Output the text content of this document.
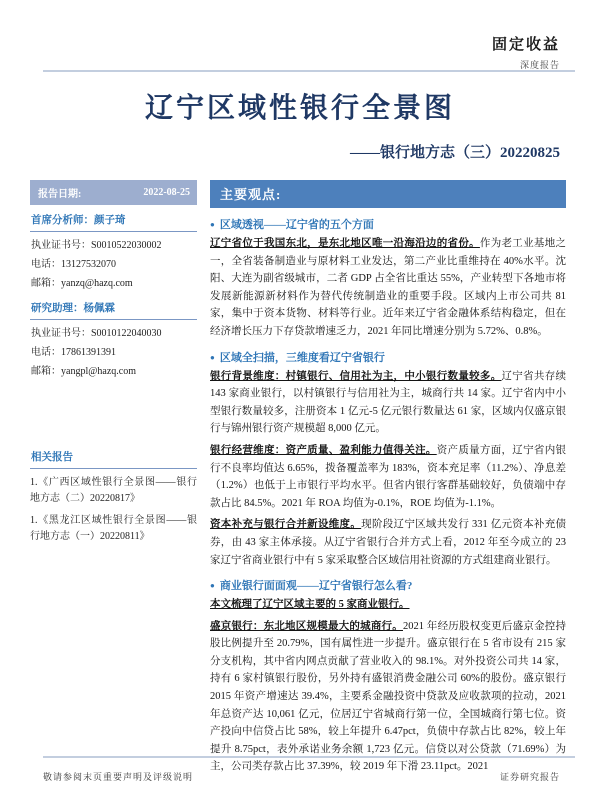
固定收益
深度报告
辽宁区域性银行全景图
——银行地方志（三）20220825
报告日期:	2022-08-25
首席分析师：颜子琦
执业证书号：S0010522030002
电话：13127532070
邮箱：yanzq@hazq.com
研究助理：杨佩霖
执业证书号：S0010122040030
电话：17861391391
邮箱：yangpl@hazq.com
相关报告
1.《广西区域性银行全景图——银行地方志（二）20220817》
1.《黑龙江区域性银行全景图——银行地方志（一）20220811》
主要观点:
● 区域透视——辽宁省的五个方面
辽宁省位于我国东北，是东北地区唯一沿海沿边的省份。作为老工业基地之一，全省装备制造业与原材料工业发达，第二产业比重维持在 40%水平。沈阳、大连为副省级城市，二者 GDP 占全省比重达 55%，产业转型下各地市将发展新能源新材料作为替代传统制造业的重要手段。区域内上市公司共 81 家，集中于资本货物、材料等行业。近年来辽宁省金融体系结构稳定，但在经济增长压力下存贷款增速乏力，2021 年同比增速分别为 5.72%、0.8%。
● 区域全扫描，三维度看辽宁省银行
银行背景维度：村镇银行、信用社为主，中小银行数量较多。辽宁省共存续 143 家商业银行，以村镇银行与信用社为主，城商行共 14 家。辽宁省内中小型银行数量较多，注册资本 1 亿元-5 亿元银行数量达 61 家，区域内仅盛京银行与锦州银行资产规模超 8,000 亿元。
银行经营维度：资产质量、盈利能力值得关注。资产质量方面，辽宁省内银行不良率均值达 6.65%，拨备覆盖率为 183%，资本充足率（11.2%）、净息差（1.2%）也低于上市银行平均水平。但省内银行客群基础较好，负债端中存款占比 84.5%。2021 年 ROA 均值为-0.1%，ROE 均值为-1.1%。
资本补充与银行合并新设维度。现阶段辽宁区域共发行 331 亿元资本补充债券，由 43 家主体承接。从辽宁省银行合并方式上看，2012 年至今成立的 23 家辽宁省商业银行中有 5 家采取整合区域信用社资源的方式组建商业银行。
● 商业银行面面观——辽宁省银行怎么看?
本文梳理了辽宁区域主要的 5 家商业银行。
盛京银行：东北地区规模最大的城商行。2021 年经历股权变更后盛京金控持股比例提升至 20.79%，国有属性进一步提升。盛京银行在 5 省市设有 215 家分支机构，其中省内网点贡献了营业收入的 98.1%。对外投资公司共 14 家，持有 6 家村镇银行股份，另外持有盛银消费金融公司 60%的股份。盛京银行 2015 年资产增速达 39.4%，主要系金融投资中贷款及应收款项的拉动，2021 年总资产达 10,061 亿元，位居辽宁省城商行第一位，全国城商行第七位。资产投向中信贷占比 58%，较上年提升 6.47pct，负债中存款占比 82%，较上年提升 8.75pct，表外承诺业务余额 1,723 亿元。信贷以对公贷款（71.69%）为主，公司类存款占比 37.39%，较 2019 年下滑 23.11pct。2021
敬请参阅末页重要声明及评级说明	证券研究报告
